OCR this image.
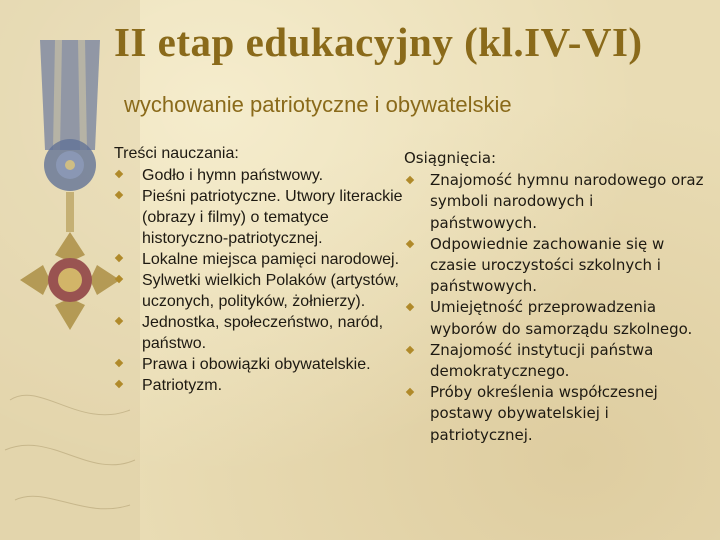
II etap edukacyjny (kl.IV-VI)

wychowanie patriotyczne i obywatelskie

Treści nauczania:

Godło i hymn państwowy.
Pieśni patriotyczne. Utwory literackie (obrazy i filmy) o tematyce historyczno-patriotycznej.
Lokalne miejsca pamięci narodowej.
Sylwetki wielkich Polaków (artystów, uczonych, polityków, żołnierzy).
Jednostka, społeczeństwo, naród, państwo.
Prawa i obowiązki obywatelskie.
Patriotyzm.

Osiągnięcia:

Znajomość hymnu narodowego oraz symboli narodowych i państwowych.
Odpowiednie zachowanie się w czasie uroczystości szkolnych i państwowych.
Umiejętność przeprowadzenia wyborów do samorządu szkolnego.
Znajomość instytucji państwa demokratycznego.
Próby określenia współczesnej postawy obywatelskiej i patriotycznej.
